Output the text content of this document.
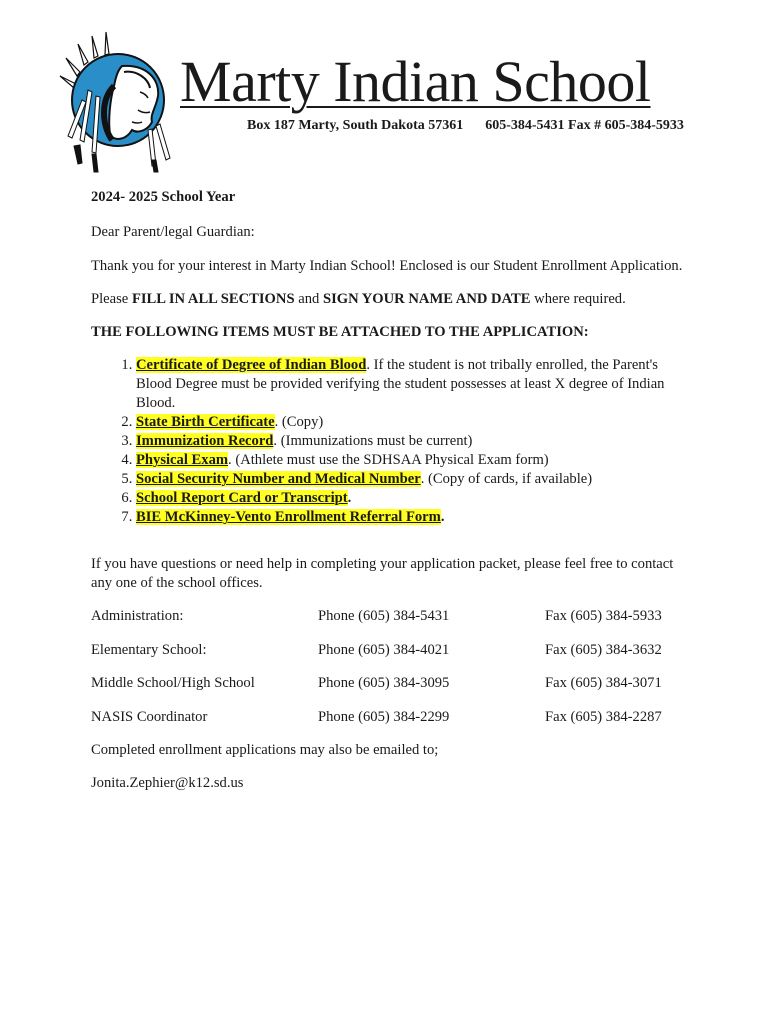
Marty Indian School
Box 187 Marty, South Dakota 57361 605-384-5431 Fax # 605-384-5933

2024- 2025 School Year

Dear Parent/legal Guardian:

Thank you for your interest in Marty Indian School! Enclosed is our Student Enrollment Application.

Please FILL IN ALL SECTIONS and SIGN YOUR NAME AND DATE where required.

THE FOLLOWING ITEMS MUST BE ATTACHED TO THE APPLICATION:

1. Certificate of Degree of Indian Blood. If the student is not tribally enrolled, the Parent's Blood Degree must be provided verifying the student possesses at least X degree of Indian Blood.
2. State Birth Certificate. (Copy)
3. Immunization Record. (Immunizations must be current)
4. Physical Exam. (Athlete must use the SDHSAA Physical Exam form)
5. Social Security Number and Medical Number. (Copy of cards, if available)
6. School Report Card or Transcript.
7. BIE McKinney-Vento Enrollment Referral Form.

If you have questions or need help in completing your application packet, please feel free to contact any one of the school offices.

Administration:	Phone (605) 384-5431	Fax (605) 384-5933
Elementary School:	Phone (605) 384-4021	Fax (605) 384-3632
Middle School/High School	Phone (605) 384-3095	Fax (605) 384-3071
NASIS Coordinator	Phone (605) 384-2299	Fax (605) 384-2287

Completed enrollment applications may also be emailed to;

Jonita.Zephier@k12.sd.us
